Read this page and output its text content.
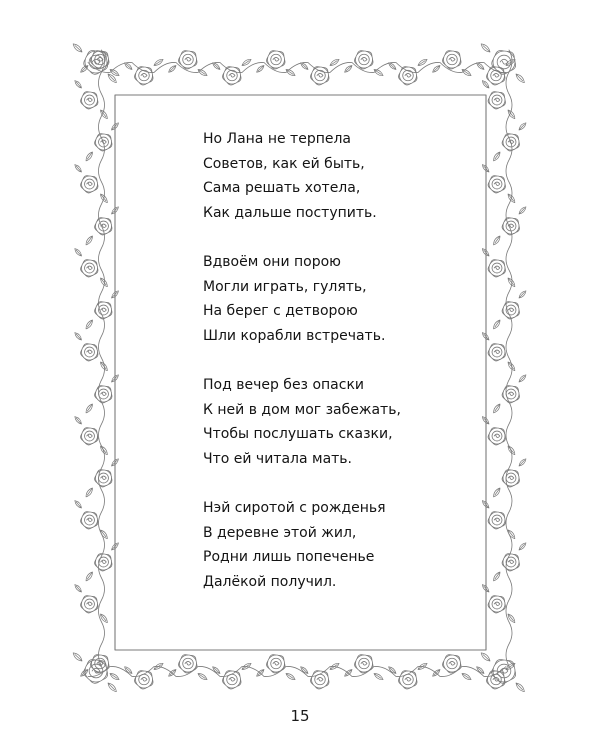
Но Лана не терпела
Советов, как ей быть,
Сама решать хотела,
Как дальше поступить.
Вдвоём они порою
Могли играть, гулять,
На берег с детворою
Шли корабли встречать.
Под вечер без опаски
К ней в дом мог забежать,
Чтобы послушать сказки,
Что ей читала мать.
Нэй сиротой с рожденья
В деревне этой жил,
Родни лишь попеченье
Далёкой получил.
15
